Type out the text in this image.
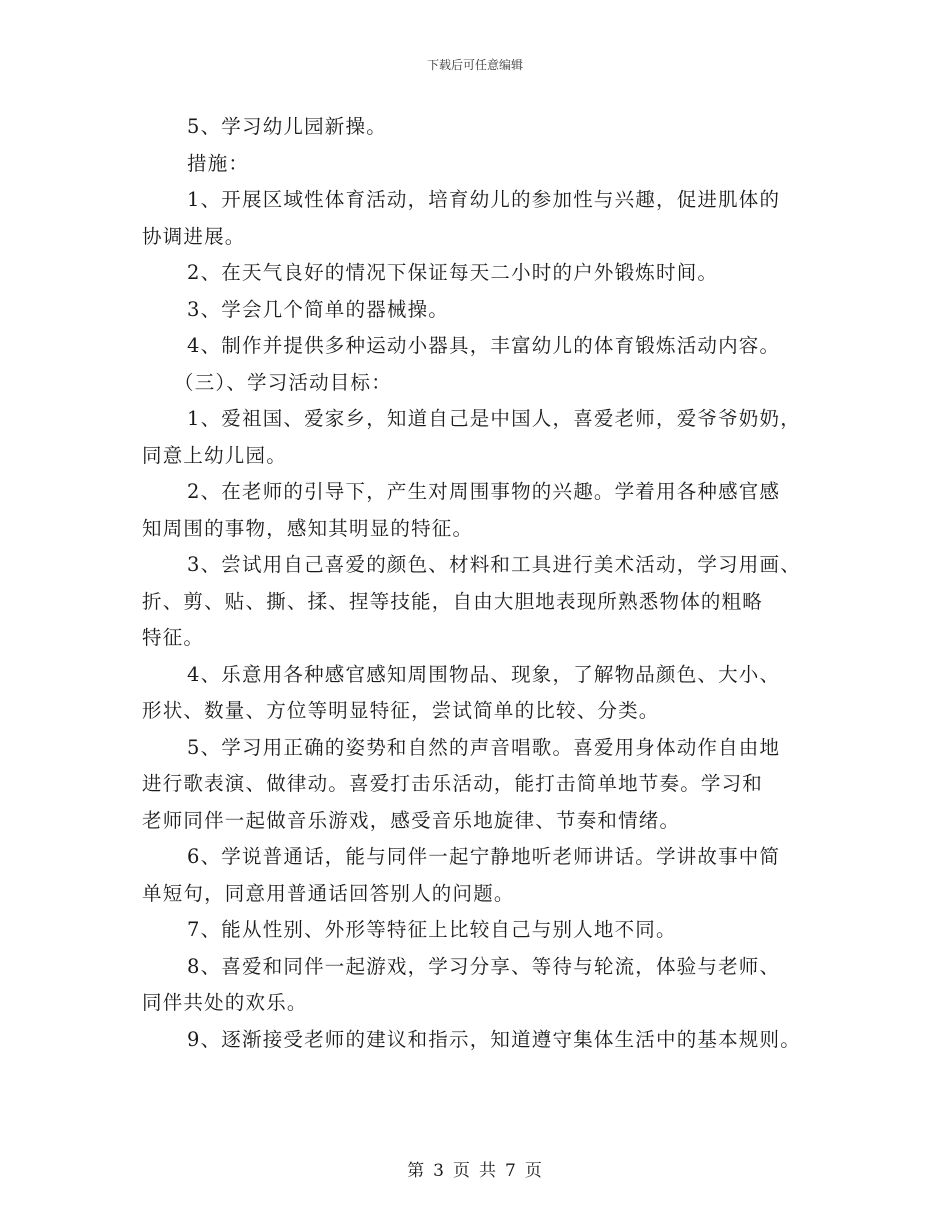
下载后可任意编辑

5、学习幼儿园新操。

措施：

1、开展区域性体育活动，培育幼儿的参加性与兴趣，促进肌体的

协调进展。

2、在天气良好的情况下保证每天二小时的户外锻炼时间。

3、学会几个简单的器械操。

4、制作并提供多种运动小器具，丰富幼儿的体育锻炼活动内容。

（三）、学习活动目标：

1、爱祖国、爱家乡，知道自己是中国人，喜爱老师，爱爷爷奶奶，

同意上幼儿园。

2、在老师的引导下，产生对周围事物的兴趣。学着用各种感官感

知周围的事物，感知其明显的特征。

3、尝试用自己喜爱的颜色、材料和工具进行美术活动，学习用画、

折、剪、贴、撕、揉、捏等技能，自由大胆地表现所熟悉物体的粗略

特征。

4、乐意用各种感官感知周围物品、现象，了解物品颜色、大小、

形状、数量、方位等明显特征，尝试简单的比较、分类。

5、学习用正确的姿势和自然的声音唱歌。喜爱用身体动作自由地

进行歌表演、做律动。喜爱打击乐活动，能打击简单地节奏。学习和

老师同伴一起做音乐游戏，感受音乐地旋律、节奏和情绪。

6、学说普通话，能与同伴一起宁静地听老师讲话。学讲故事中简

单短句，同意用普通话回答别人的问题。

7、能从性别、外形等特征上比较自己与别人地不同。

8、喜爱和同伴一起游戏，学习分享、等待与轮流，体验与老师、

同伴共处的欢乐。

9、逐渐接受老师的建议和指示，知道遵守集体生活中的基本规则。

第 3 页 共 7 页
